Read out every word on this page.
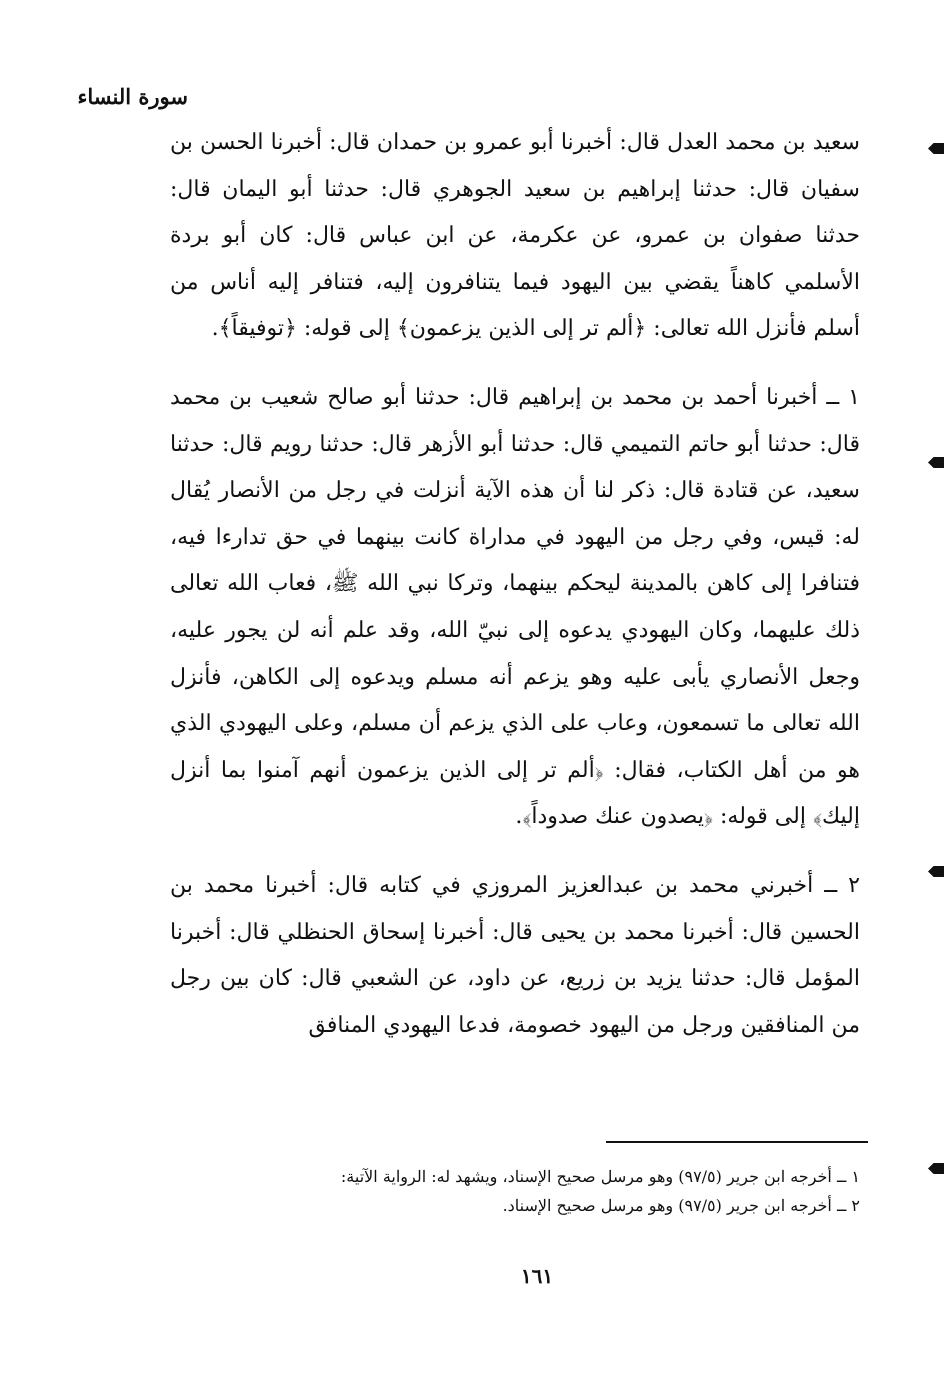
سورة النساء

سعيد بن محمد العدل قال: أخبرنا أبو عمرو بن حمدان قال: أخبرنا الحسن بن سفيان قال: حدثنا إبراهيم بن سعيد الجوهري قال: حدثنا أبو اليمان قال: حدثنا صفوان بن عمرو، عن عكرمة، عن ابن عباس قال: كان أبو بردة الأسلمي كاهناً يقضي بين اليهود فيما يتنافرون إليه، فتنافر إليه أناس من أسلم فأنزل الله تعالى: ﴿ألم تر إلى الذين يزعمون﴾ إلى قوله: ﴿توفيقاً﴾.

١ ــ أخبرنا أحمد بن محمد بن إبراهيم قال: حدثنا أبو صالح شعيب بن محمد قال: حدثنا أبو حاتم التميمي قال: حدثنا أبو الأزهر قال: حدثنا رويم قال: حدثنا سعيد، عن قتادة قال: ذكر لنا أن هذه الآية أنزلت في رجل من الأنصار يُقال له: قيس، وفي رجل من اليهود في مداراة كانت بينهما في حق تدارءا فيه، فتنافرا إلى كاهن بالمدينة ليحكم بينهما، وتركا نبي الله ﷺ، فعاب الله تعالى ذلك عليهما، وكان اليهودي يدعوه إلى نبيّ الله، وقد علم أنه لن يجور عليه، وجعل الأنصاري يأبى عليه وهو يزعم أنه مسلم ويدعوه إلى الكاهن، فأنزل الله تعالى ما تسمعون، وعاب على الذي يزعم أن مسلم، وعلى اليهودي الذي هو من أهل الكتاب، فقال: ﴿ألم تر إلى الذين يزعمون أنهم آمنوا بما أنزل إليك﴾ إلى قوله: ﴿يصدون عنك صدوداً﴾.

٢ ــ أخبرني محمد بن عبدالعزيز المروزي في كتابه قال: أخبرنا محمد بن الحسين قال: أخبرنا محمد بن يحيى قال: أخبرنا إسحاق الحنظلي قال: أخبرنا المؤمل قال: حدثنا يزيد بن زريع، عن داود، عن الشعبي قال: كان بين رجل من المنافقين ورجل من اليهود خصومة، فدعا اليهودي المنافق

١ ــ أخرجه ابن جرير (٩٧/٥) وهو مرسل صحيح الإسناد، ويشهد له: الرواية الآتية:
٢ ــ أخرجه ابن جرير (٩٧/٥) وهو مرسل صحيح الإسناد.
١٦١
